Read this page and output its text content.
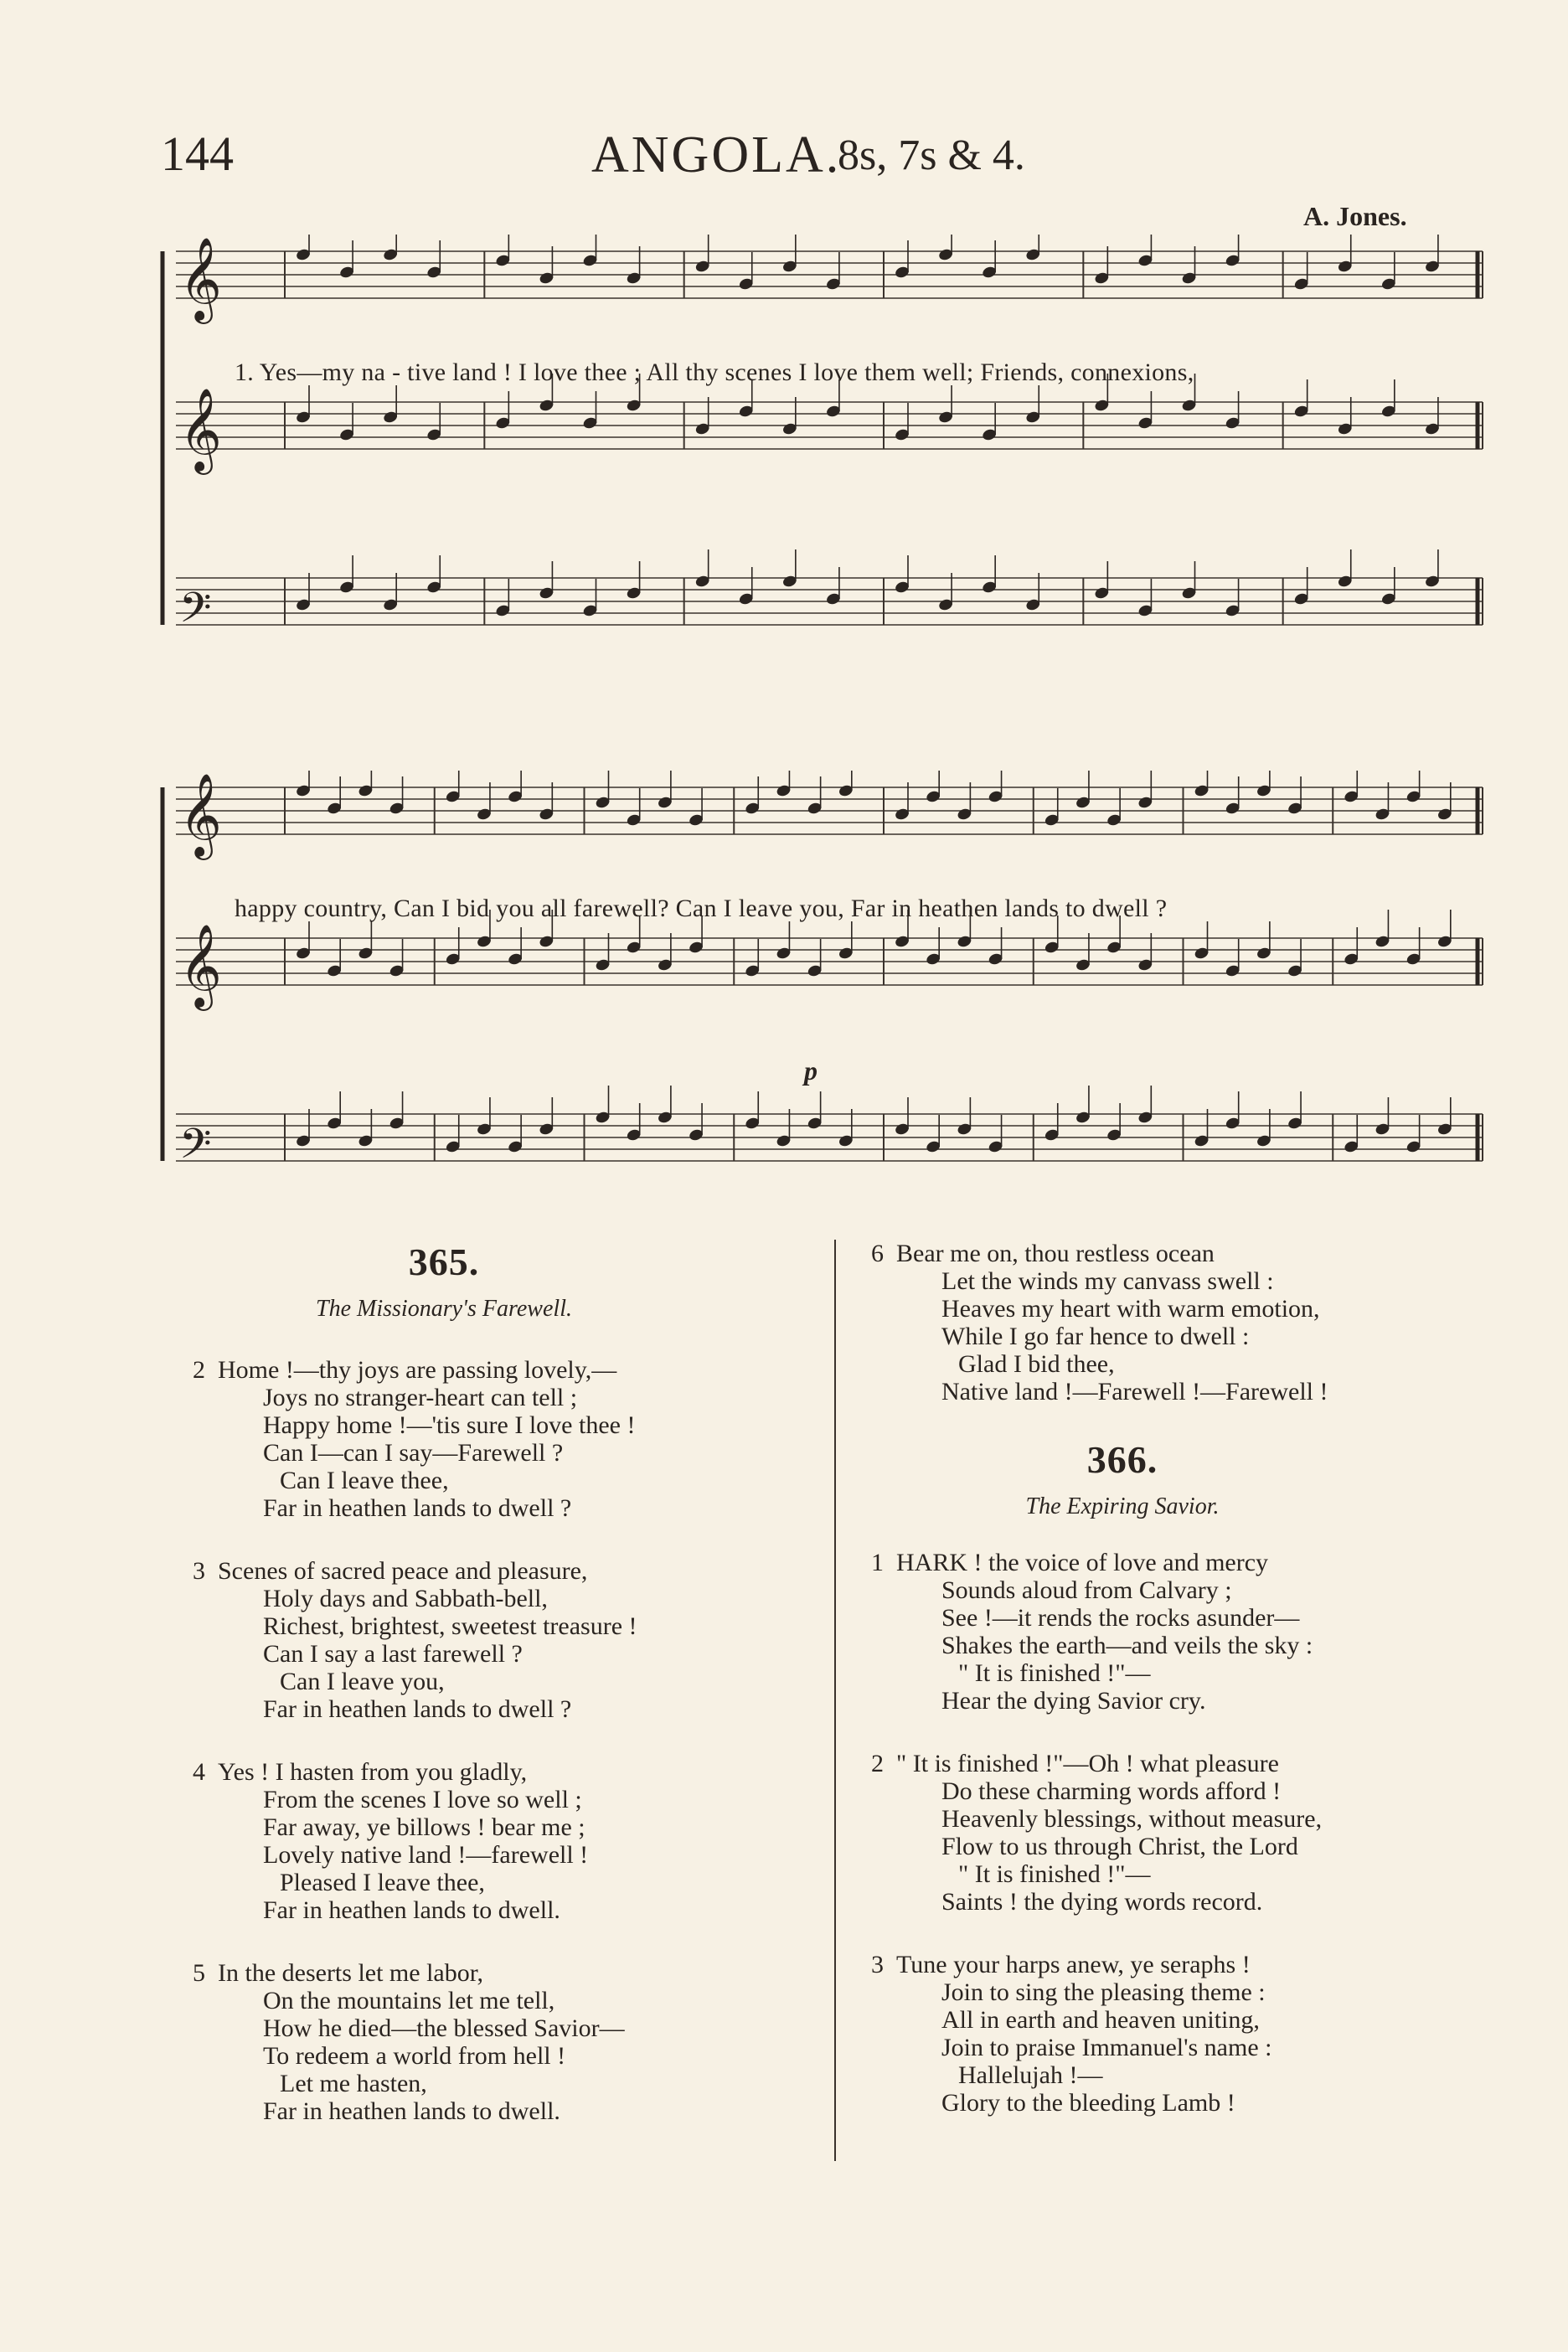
144	ANGOLA.
8s, 7s & 4.
A. Jones.
𝄞
𝄞
𝄢
1. Yes—my na - tive land ! I love thee ; All thy scenes I love them well; Friends, connexions,
𝄞
𝄞
𝄢
happy country, Can I bid you all farewell? Can I leave you, Far in heathen lands to dwell ?
p
365.
The Missionary's Farewell.
2 Home !—thy joys are passing lovely,—
Joys no stranger-heart can tell ;
Happy home !—'tis sure I love thee !
Can I—can I say—Farewell ?
Can I leave thee,
Far in heathen lands to dwell ?
3 Scenes of sacred peace and pleasure,
Holy days and Sabbath-bell,
Richest, brightest, sweetest treasure !
Can I say a last farewell ?
Can I leave you,
Far in heathen lands to dwell ?
4 Yes ! I hasten from you gladly,
From the scenes I love so well ;
Far away, ye billows ! bear me ;
Lovely native land !—farewell !
Pleased I leave thee,
Far in heathen lands to dwell.
5 In the deserts let me labor,
On the mountains let me tell,
How he died—the blessed Savior—
To redeem a world from hell !
Let me hasten,
Far in heathen lands to dwell.
6 Bear me on, thou restless ocean
Let the winds my canvass swell :
Heaves my heart with warm emotion,
While I go far hence to dwell :
Glad I bid thee,
Native land !—Farewell !—Farewell !
366.
The Expiring Savior.
1 HARK ! the voice of love and mercy
Sounds aloud from Calvary ;
See !—it rends the rocks asunder—
Shakes the earth—and veils the sky :
" It is finished !"—
Hear the dying Savior cry.
2 " It is finished !"—Oh ! what pleasure
Do these charming words afford !
Heavenly blessings, without measure,
Flow to us through Christ, the Lord
" It is finished !"—
Saints ! the dying words record.
3 Tune your harps anew, ye seraphs !
Join to sing the pleasing theme :
All in earth and heaven uniting,
Join to praise Immanuel's name :
Hallelujah !—
Glory to the bleeding Lamb !
